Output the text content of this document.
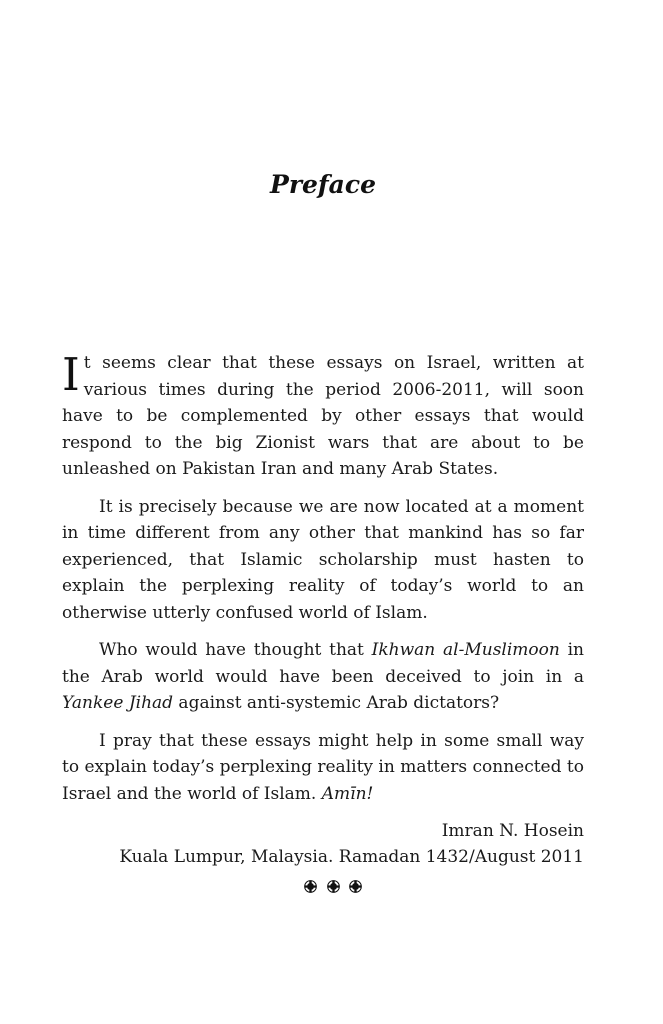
Preface

It seems clear that these essays on Israel, written at various times during the period 2006-2011, will soon have to be complemented by other essays that would respond to the big Zionist wars that are about to be unleashed on Pakistan Iran and many Arab States.

It is precisely because we are now located at a moment in time different from any other that mankind has so far experienced, that Islamic scholarship must hasten to explain the perplexing reality of today’s world to an otherwise utterly confused world of Islam.

Who would have thought that Ikhwan al-Muslimoon in the Arab world would have been deceived to join in a Yankee Jihad against anti-systemic Arab dictators?

I pray that these essays might help in some small way to explain today’s perplexing reality in matters connected to Israel and the world of Islam. Amīn!

Imran N. Hosein
Kuala Lumpur, Malaysia. Ramadan 1432/August 2011
